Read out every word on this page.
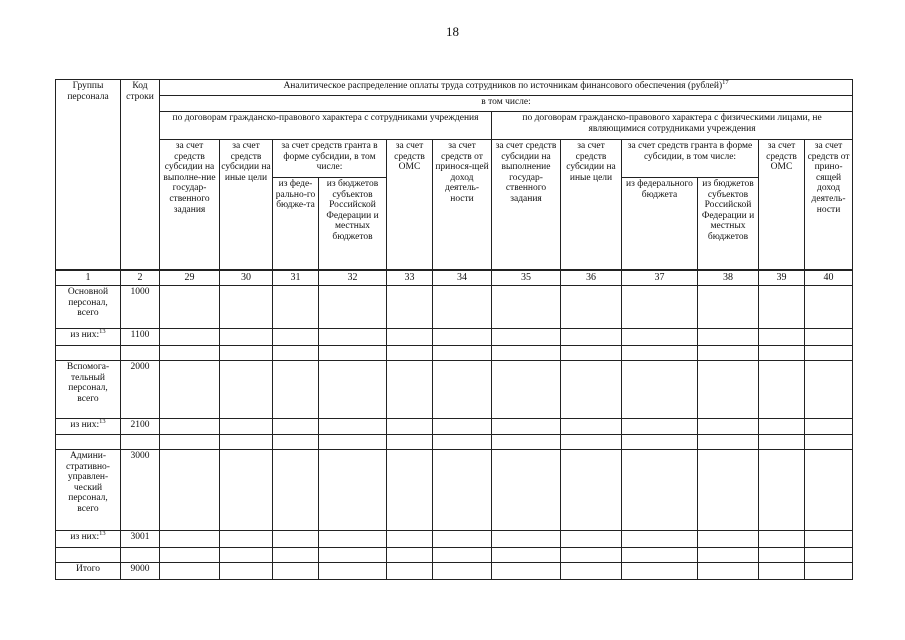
18
Группы персонала	Код строки	Аналитическое распределение оплаты труда сотрудников по источникам финансового обеспечения (рублей)$^{17}$
		в том числе:											
		по договорам гражданско-правового характера с сотрудниками учреждения						по договорам гражданско-правового характера с физическими лицами, не являющимися сотрудниками учреждения					
		за счет средств субсидии на выполне-ние государ-ственного задания	за счет средств субсидии на иные цели	за счет средств гранта в форме субсидии, в том числе:		за счет средств ОМС	за счет средств от принося-щей доход деятель-ности	за счет средств субсидии на выполнение государ-ственного задания	за счет средств субсидии на иные цели	за счет средств гранта в форме субсидии, в том числе:		за счет средств ОМС	за счет средств от прино-сящей доход деятель-ности
				из феде-рально-го бюдже-та	из бюджетов субъектов Российской Федерации и местных бюджетов					из федерального бюджета	из бюджетов субъектов Российской Федерации и местных бюджетов		
1	2	29	30	31	32	33	34	35	36	37	38	39	40
Основной персонал, всего	1000												
из них:$^{13}$	1100												

Вспомога-тельный персонал, всего	2000												
из них:$^{13}$	2100												

Админи-стративно-управлен-ческий персонал, всего	3000												
из них:$^{13}$	3001												

Итого	9000												
